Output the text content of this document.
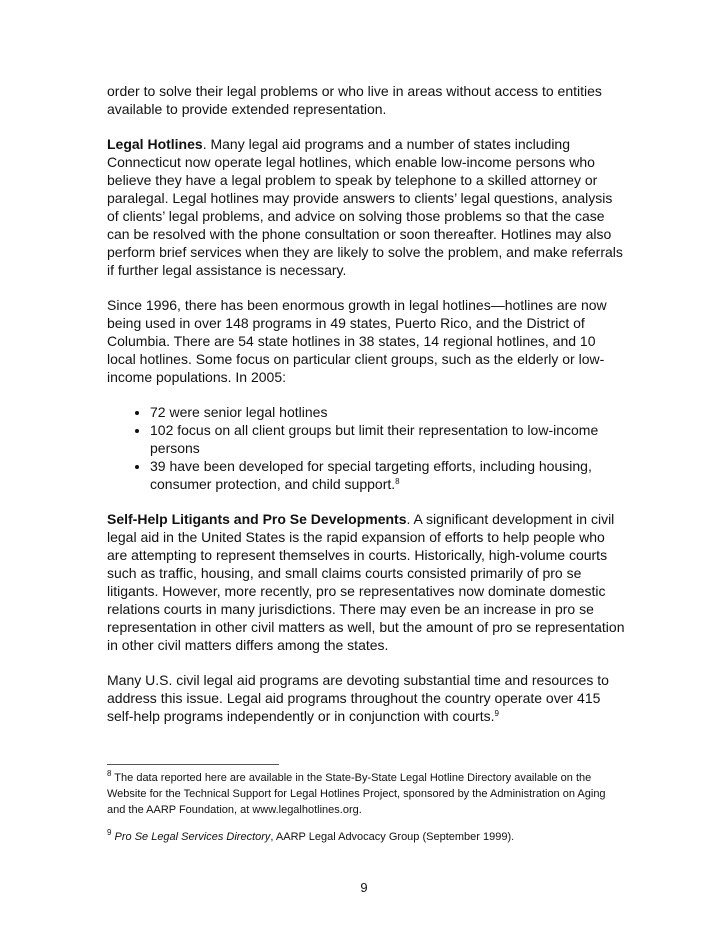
order to solve their legal problems or who live in areas without access to entities available to provide extended representation.

Legal Hotlines. Many legal aid programs and a number of states including Connecticut now operate legal hotlines, which enable low-income persons who believe they have a legal problem to speak by telephone to a skilled attorney or paralegal. Legal hotlines may provide answers to clients’ legal questions, analysis of clients’ legal problems, and advice on solving those problems so that the case can be resolved with the phone consultation or soon thereafter. Hotlines may also perform brief services when they are likely to solve the problem, and make referrals if further legal assistance is necessary.

Since 1996, there has been enormous growth in legal hotlines—hotlines are now being used in over 148 programs in 49 states, Puerto Rico, and the District of Columbia. There are 54 state hotlines in 38 states, 14 regional hotlines, and 10 local hotlines. Some focus on particular client groups, such as the elderly or low-income populations. In 2005:

• 72 were senior legal hotlines
• 102 focus on all client groups but limit their representation to low-income persons
• 39 have been developed for special targeting efforts, including housing, consumer protection, and child support.$^8$

Self-Help Litigants and Pro Se Developments. A significant development in civil legal aid in the United States is the rapid expansion of efforts to help people who are attempting to represent themselves in courts. Historically, high-volume courts such as traffic, housing, and small claims courts consisted primarily of pro se litigants. However, more recently, pro se representatives now dominate domestic relations courts in many jurisdictions. There may even be an increase in pro se representation in other civil matters as well, but the amount of pro se representation in other civil matters differs among the states.

Many U.S. civil legal aid programs are devoting substantial time and resources to address this issue. Legal aid programs throughout the country operate over 415 self-help programs independently or in conjunction with courts.$^9$

$^8$ The data reported here are available in the State-By-State Legal Hotline Directory available on the Website for the Technical Support for Legal Hotlines Project, sponsored by the Administration on Aging and the AARP Foundation, at www.legalhotlines.org.

$^9$ Pro Se Legal Services Directory, AARP Legal Advocacy Group (September 1999).

9
